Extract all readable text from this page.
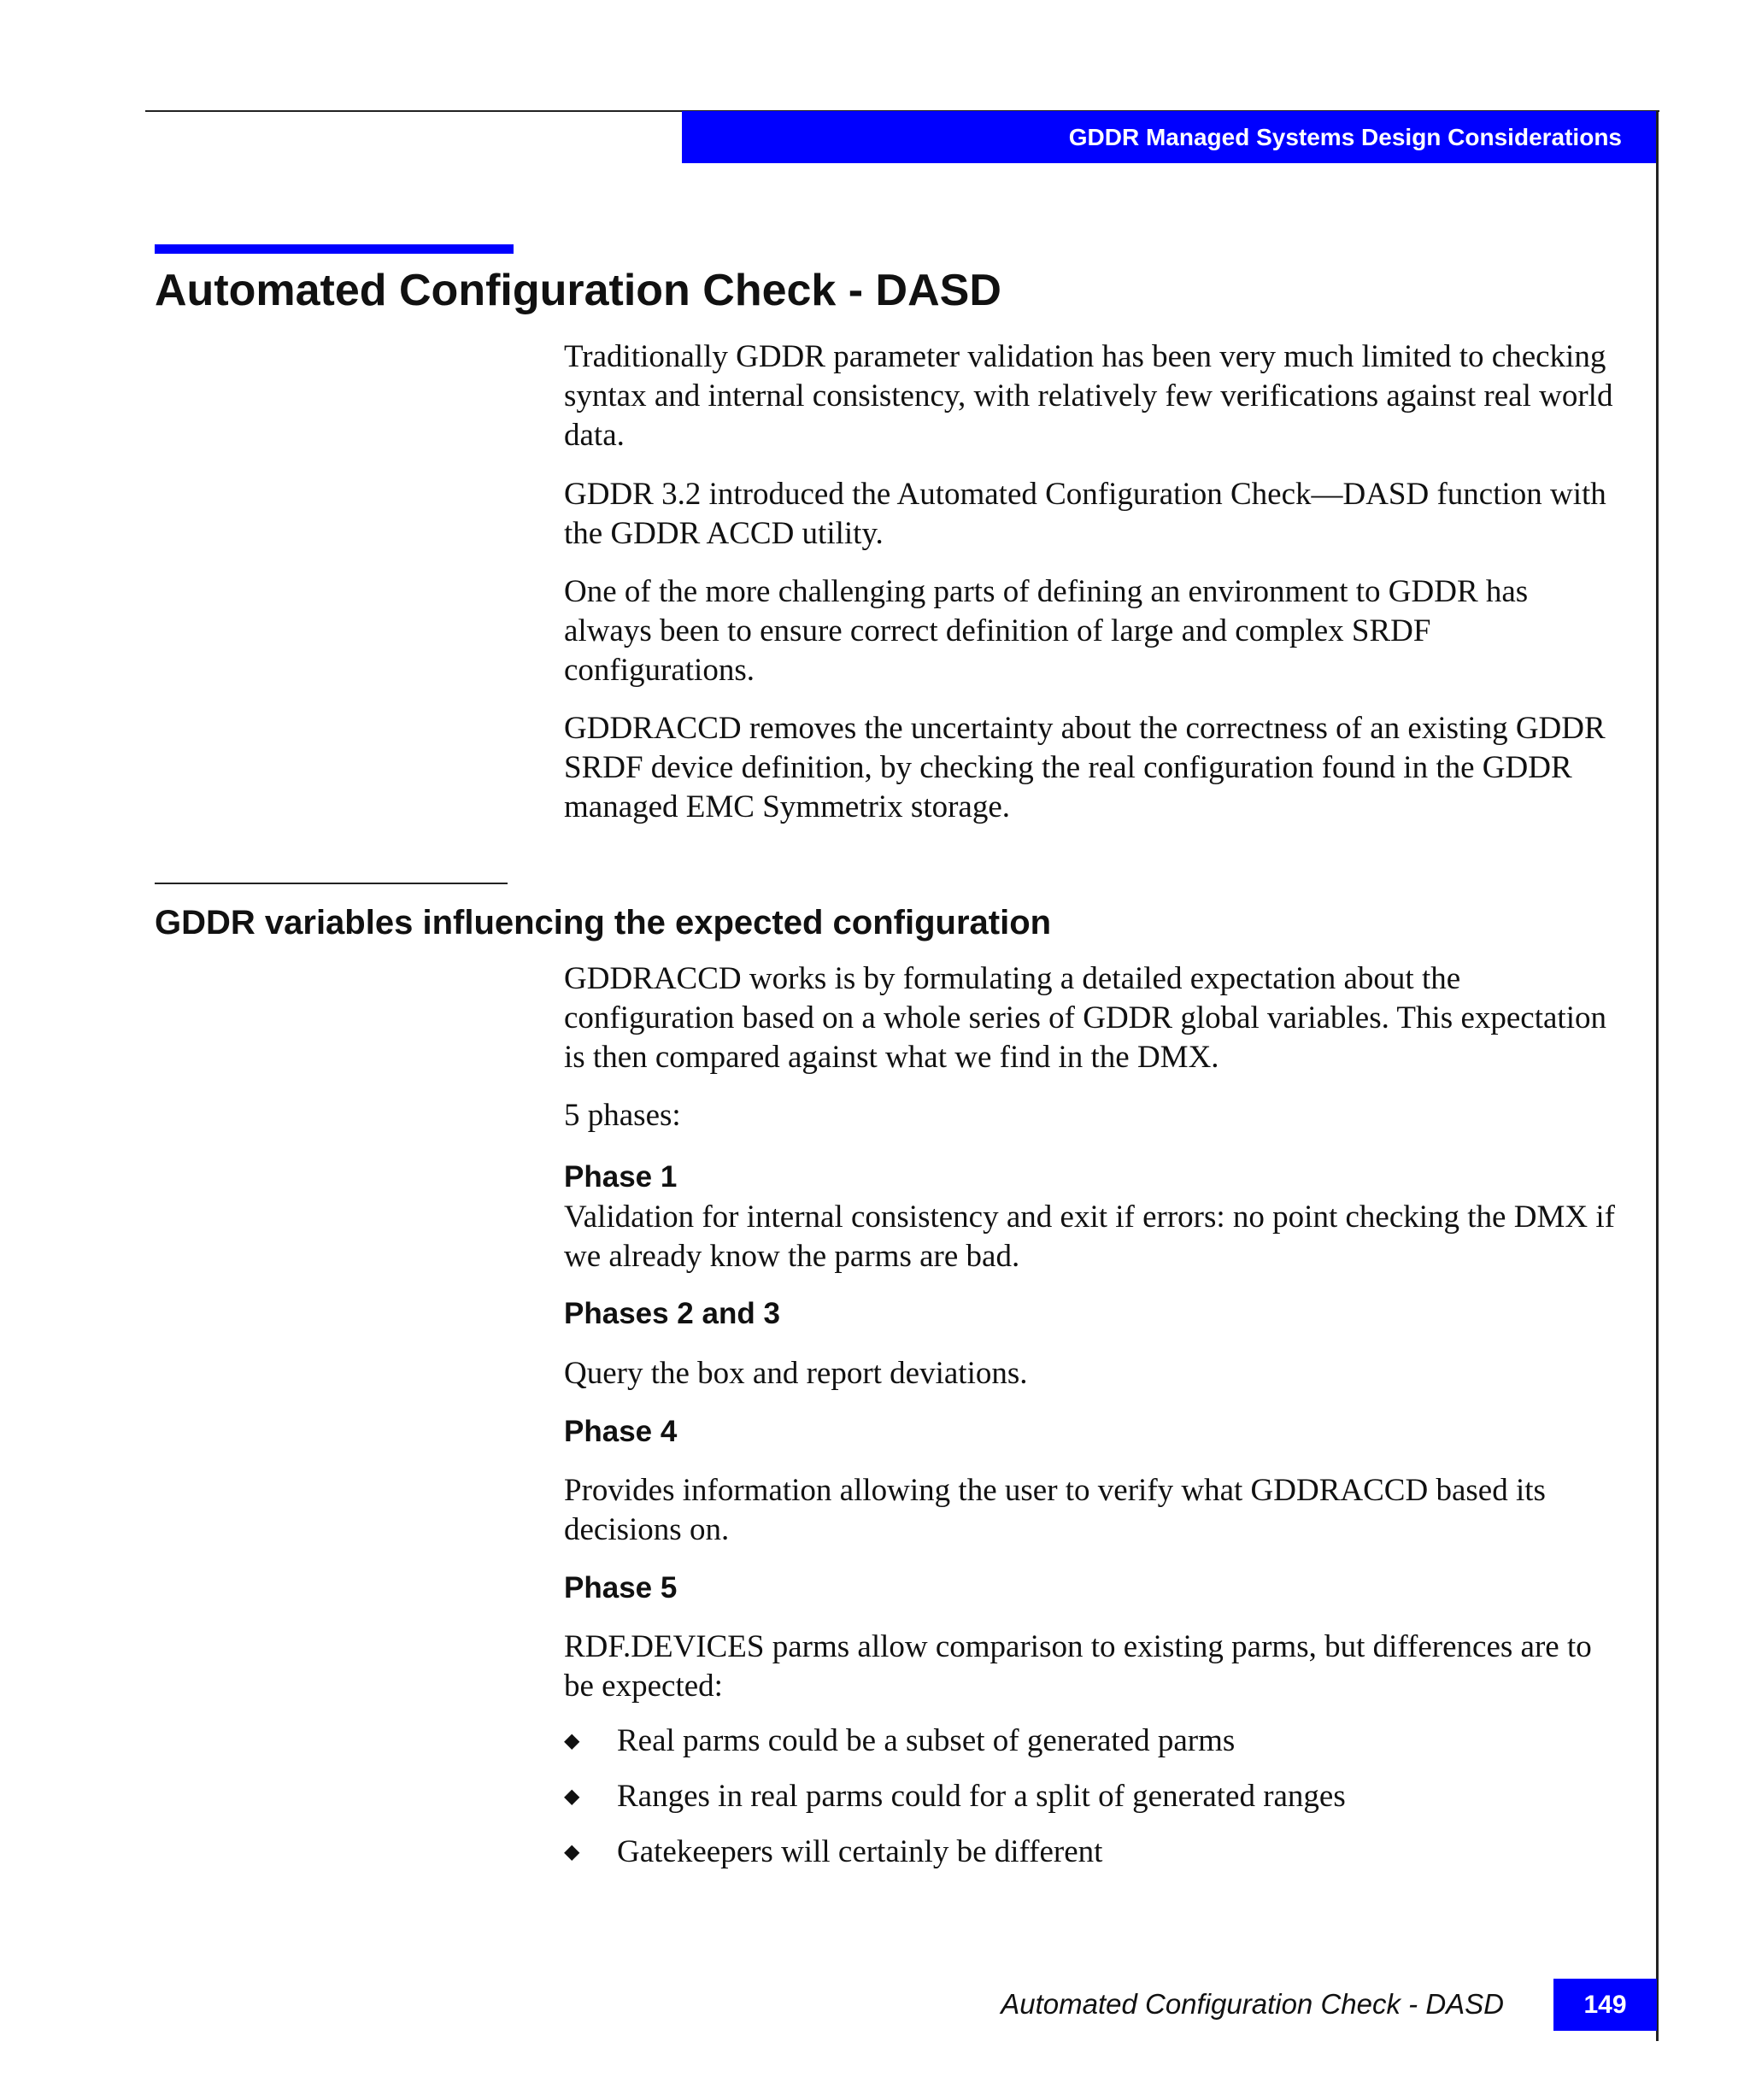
GDDR Managed Systems Design Considerations
Automated Configuration Check - DASD

Traditionally GDDR parameter validation has been very much limited to checking syntax and internal consistency, with relatively few verifications against real world data.

GDDR 3.2 introduced the Automated Configuration Check—DASD function with the GDDR ACCD utility.

One of the more challenging parts of defining an environment to GDDR has always been to ensure correct definition of large and complex SRDF configurations.

GDDRACCD removes the uncertainty about the correctness of an existing GDDR SRDF device definition, by checking the real configuration found in the GDDR managed EMC Symmetrix storage.

GDDR variables influencing the expected configuration

GDDRACCD works is by formulating a detailed expectation about the configuration based on a whole series of GDDR global variables. This expectation is then compared against what we find in the DMX.

5 phases:

Phase 1

Validation for internal consistency and exit if errors: no point checking the DMX if we already know the parms are bad.

Phases 2 and 3

Query the box and report deviations.

Phase 4

Provides information allowing the user to verify what GDDRACCD based its decisions on.

Phase 5

RDF.DEVICES parms allow comparison to existing parms, but differences are to be expected:

◆	Real parms could be a subset of generated parms
◆	Ranges in real parms could for a split of generated ranges
◆	Gatekeepers will certainly be different
Automated Configuration Check - DASD	149
